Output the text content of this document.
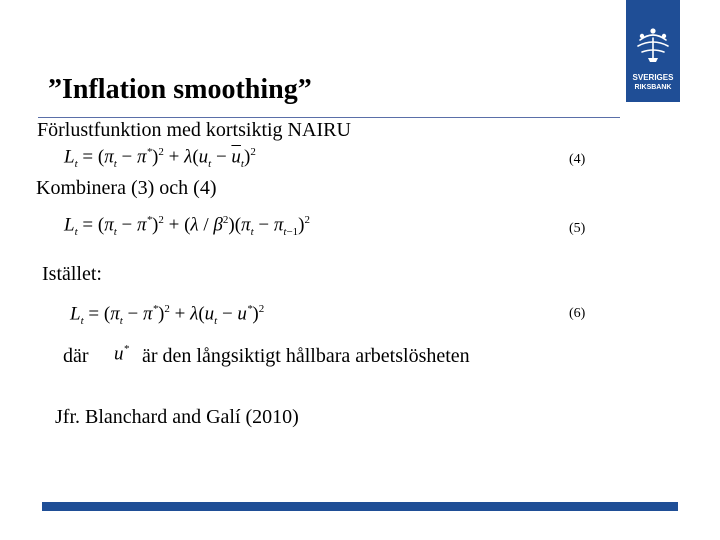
SVERIGES
RIKSBANK
”Inflation smoothing”
Förlustfunktion med kortsiktig NAIRU
$L_t = (\pi_t - \pi^*)^2 + \lambda(u_t - \overline{u}_t)^2$	(4)
Kombinera (3) och (4)
$L_t = (\pi_t - \pi^*)^2 + (\lambda / \beta^2)(\pi_t - \pi_{t-1})^2$
(5)
Istället:
$L_t = (\pi_t - \pi^*)^2 + \lambda(u_t - u^*)^2$	(6)
där u* är den långsiktigt hållbara arbetslösheten
Jfr. Blanchard and Galí (2010)
